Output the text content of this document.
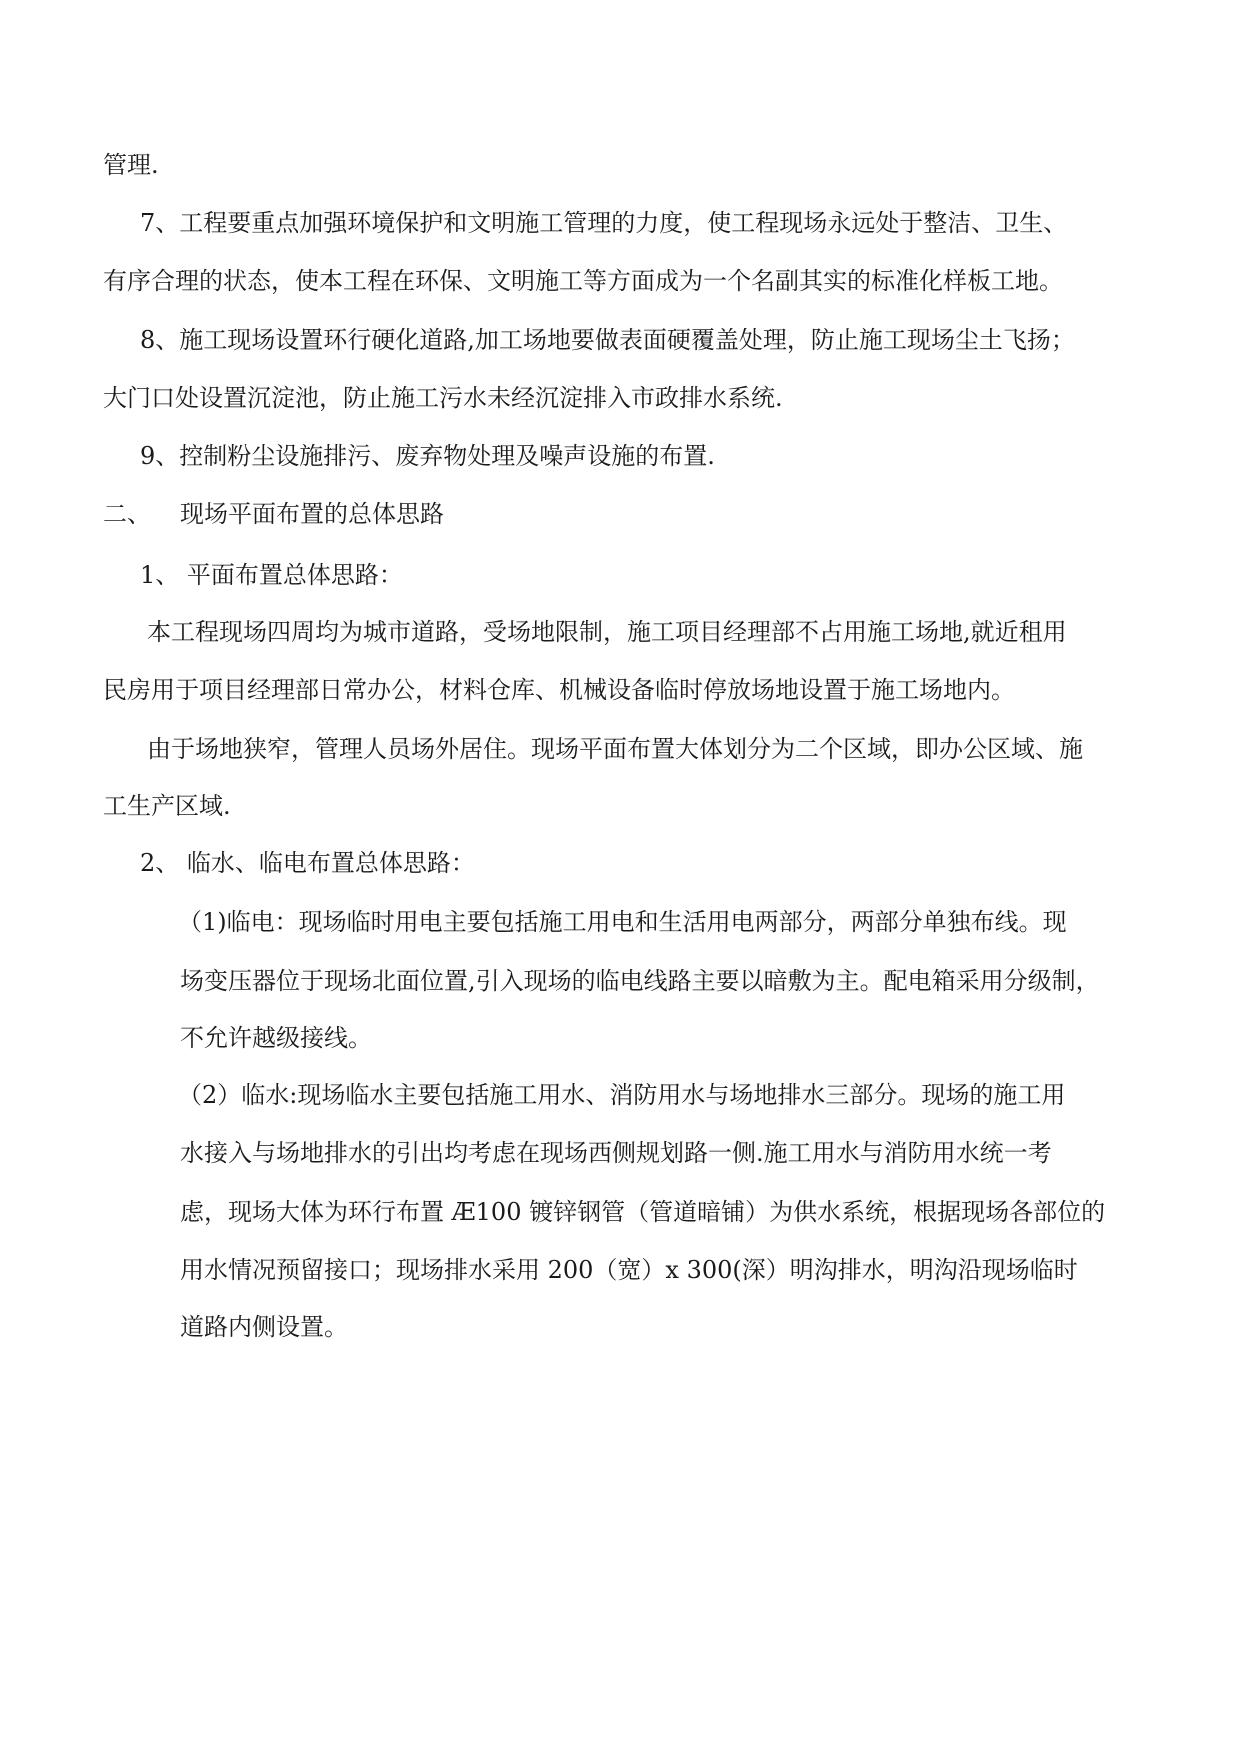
管理.
7、工程要重点加强环境保护和文明施工管理的力度，使工程现场永远处于整洁、卫生、
有序合理的状态，使本工程在环保、文明施工等方面成为一个名副其实的标准化样板工地。
8、施工现场设置环行硬化道路,加工场地要做表面硬覆盖处理，防止施工现场尘土飞扬；
大门口处设置沉淀池，防止施工污水未经沉淀排入市政排水系统.
9、控制粉尘设施排污、废弃物处理及噪声设施的布置.
二、 现场平面布置的总体思路
1、 平面布置总体思路：
本工程现场四周均为城市道路，受场地限制，施工项目经理部不占用施工场地,就近租用
民房用于项目经理部日常办公，材料仓库、机械设备临时停放场地设置于施工场地内。
由于场地狭窄，管理人员场外居住。现场平面布置大体划分为二个区域，即办公区域、施
工生产区域.
2、 临水、临电布置总体思路：
（1)临电：现场临时用电主要包括施工用电和生活用电两部分，两部分单独布线。现
场变压器位于现场北面位置,引入现场的临电线路主要以暗敷为主。配电箱采用分级制，
不允许越级接线。
（2）临水:现场临水主要包括施工用水、消防用水与场地排水三部分。现场的施工用
水接入与场地排水的引出均考虑在现场西侧规划路一侧.施工用水与消防用水统一考
虑，现场大体为环行布置 Æ100 镀锌钢管（管道暗铺）为供水系统，根据现场各部位的
用水情况预留接口；现场排水采用 200（宽）x 300(深）明沟排水，明沟沿现场临时
道路内侧设置。
